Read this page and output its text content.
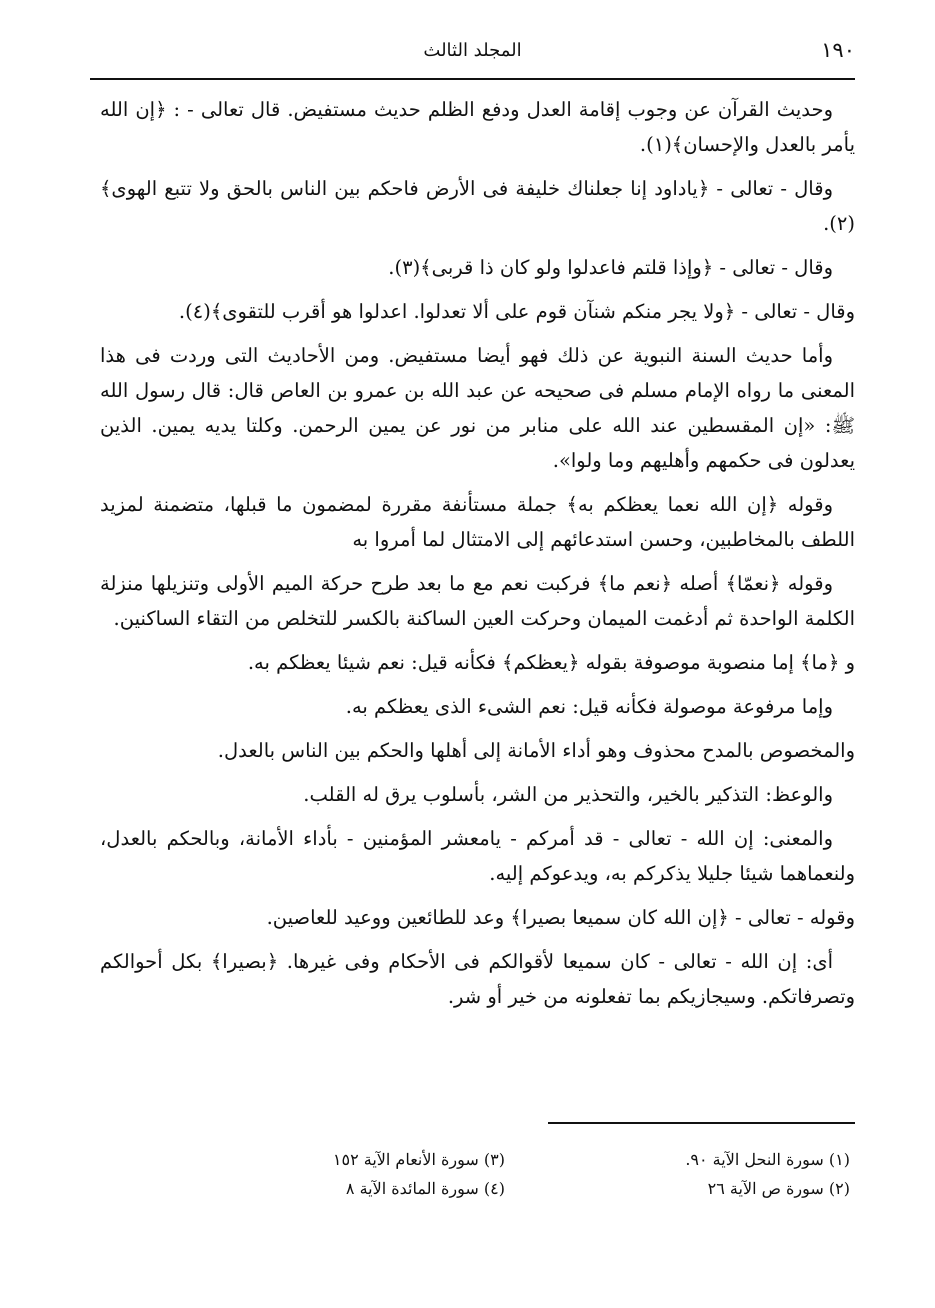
١٩٠
المجلد الثالث

وحديث القرآن عن وجوب إقامة العدل ودفع الظلم حديث مستفيض. قال تعالى - : ﴿إن الله يأمر بالعدل والإحسان﴾(١).

وقال - تعالى - ﴿ياداود إنا جعلناك خليفة فى الأرض فاحكم بين الناس بالحق ولا تتبع الهوى﴾(٢).

وقال - تعالى - ﴿وإذا قلتم فاعدلوا ولو كان ذا قربى﴾(٣).

وقال - تعالى - ﴿ولا يجر منكم شنآن قوم على ألا تعدلوا. اعدلوا هو أقرب للتقوى﴾(٤).

وأما حديث السنة النبوية عن ذلك فهو أيضا مستفيض. ومن الأحاديث التى وردت فى هذا المعنى ما رواه الإمام مسلم فى صحيحه عن عبد الله بن عمرو بن العاص قال: قال رسول الله ﷺ: «إن المقسطين عند الله على منابر من نور عن يمين الرحمن. وكلتا يديه يمين. الذين يعدلون فى حكمهم وأهليهم وما ولوا».

وقوله ﴿إن الله نعما يعظكم به﴾ جملة مستأنفة مقررة لمضمون ما قبلها، متضمنة لمزيد اللطف بالمخاطبين، وحسن استدعائهم إلى الامتثال لما أمروا به

وقوله ﴿نعمّا﴾ أصله ﴿نعم ما﴾ فركبت نعم مع ما بعد طرح حركة الميم الأولى وتنزيلها منزلة الكلمة الواحدة ثم أدغمت الميمان وحركت العين الساكنة بالكسر للتخلص من التقاء الساكنين.

و ﴿ما﴾ إما منصوبة موصوفة بقوله ﴿يعظكم﴾ فكأنه قيل: نعم شيئا يعظكم به.

وإما مرفوعة موصولة فكأنه قيل: نعم الشىء الذى يعظكم به.

والمخصوص بالمدح محذوف وهو أداء الأمانة إلى أهلها والحكم بين الناس بالعدل.

والوعظ: التذكير بالخير، والتحذير من الشر، بأسلوب يرق له القلب.

والمعنى: إن الله - تعالى - قد أمركم - يامعشر المؤمنين - بأداء الأمانة، وبالحكم بالعدل، ولنعماهما شيئا جليلا يذكركم به، ويدعوكم إليه.

وقوله - تعالى - ﴿إن الله كان سميعا بصيرا﴾ وعد للطائعين ووعيد للعاصين.

أى: إن الله - تعالى - كان سميعا لأقوالكم فى الأحكام وفى غيرها. ﴿بصيرا﴾ بكل أحوالكم وتصرفاتكم. وسيجازيكم بما تفعلونه من خير أو شر.

(١) سورة النحل الآية ٩٠.
(٣) سورة الأنعام الآية ١٥٢
(٢) سورة ص الآية ٢٦
(٤) سورة المائدة الآية ٨
